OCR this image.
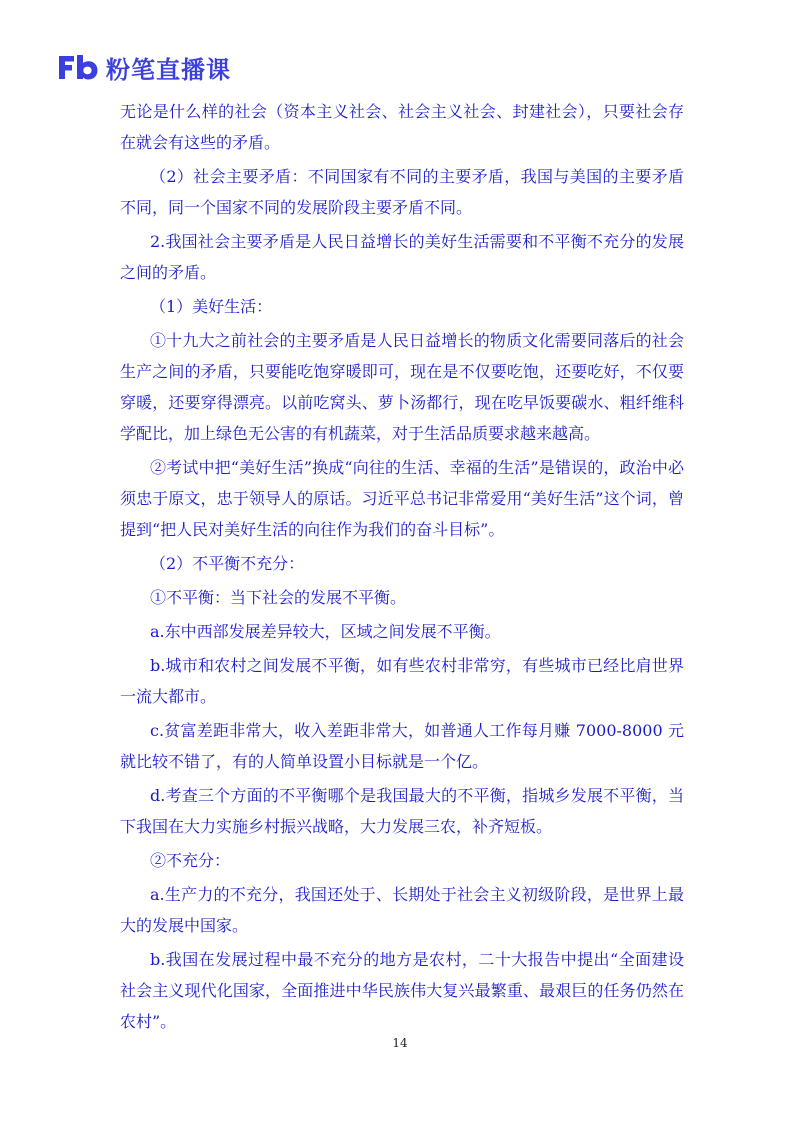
粉笔直播课

无论是什么样的社会（资本主义社会、社会主义社会、封建社会），只要社会存在就会有这些的矛盾。

（2）社会主要矛盾：不同国家有不同的主要矛盾，我国与美国的主要矛盾不同，同一个国家不同的发展阶段主要矛盾不同。

2.我国社会主要矛盾是人民日益增长的美好生活需要和不平衡不充分的发展之间的矛盾。

（1）美好生活：

①十九大之前社会的主要矛盾是人民日益增长的物质文化需要同落后的社会生产之间的矛盾，只要能吃饱穿暖即可，现在是不仅要吃饱，还要吃好，不仅要穿暖，还要穿得漂亮。以前吃窝头、萝卜汤都行，现在吃早饭要碳水、粗纤维科学配比，加上绿色无公害的有机蔬菜，对于生活品质要求越来越高。

②考试中把“美好生活”换成“向往的生活、幸福的生活”是错误的，政治中必须忠于原文，忠于领导人的原话。习近平总书记非常爱用“美好生活”这个词，曾提到“把人民对美好生活的向往作为我们的奋斗目标”。

（2）不平衡不充分：

①不平衡：当下社会的发展不平衡。

a.东中西部发展差异较大，区域之间发展不平衡。

b.城市和农村之间发展不平衡，如有些农村非常穷，有些城市已经比肩世界一流大都市。

c.贫富差距非常大，收入差距非常大，如普通人工作每月赚 7000-8000 元就比较不错了，有的人简单设置小目标就是一个亿。

d.考查三个方面的不平衡哪个是我国最大的不平衡，指城乡发展不平衡，当下我国在大力实施乡村振兴战略，大力发展三农，补齐短板。

②不充分：

a.生产力的不充分，我国还处于、长期处于社会主义初级阶段，是世界上最大的发展中国家。

b.我国在发展过程中最不充分的地方是农村，二十大报告中提出“全面建设社会主义现代化国家，全面推进中华民族伟大复兴最繁重、最艰巨的任务仍然在农村”。

14
